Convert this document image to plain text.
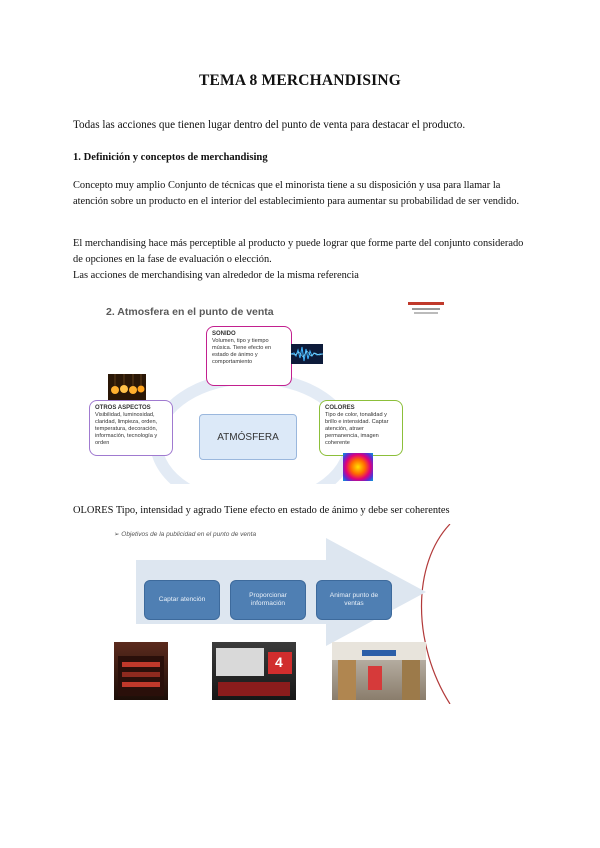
TEMA 8 MERCHANDISING
Todas las acciones que tienen lugar dentro del punto de venta para destacar el producto.
1. Definición y conceptos de merchandising
Concepto muy amplio Conjunto de técnicas que el minorista tiene a su disposición y usa para llamar la atención sobre un producto en el interior del establecimiento para aumentar su probabilidad de ser vendido.
El merchandising hace más perceptible al producto y puede lograr que forme parte del conjunto considerado de opciones en la fase de evaluación o elección.
Las acciones de merchandising van alrededor de la misma referencia
2. Atmosfera en el punto de venta
ATMÓSFERA
SONIDO
Volumen, tipo y tiempo música. Tiene efecto en estado de ánimo y comportamiento
OTROS ASPECTOS
Visibilidad, luminosidad, claridad, limpieza, orden, temperatura, decoración, información, tecnología y orden
COLORES
Tipo de color, tonalidad y brillo e intensidad. Captar atención, atraer permanencia, imagen coherente
OLORES Tipo, intensidad y agrado Tiene efecto en estado de ánimo y debe ser coherentes
➢ Objetivos de la publicidad en el punto de venta
Captar atención
Proporcionar información
Animar punto de ventas
4
